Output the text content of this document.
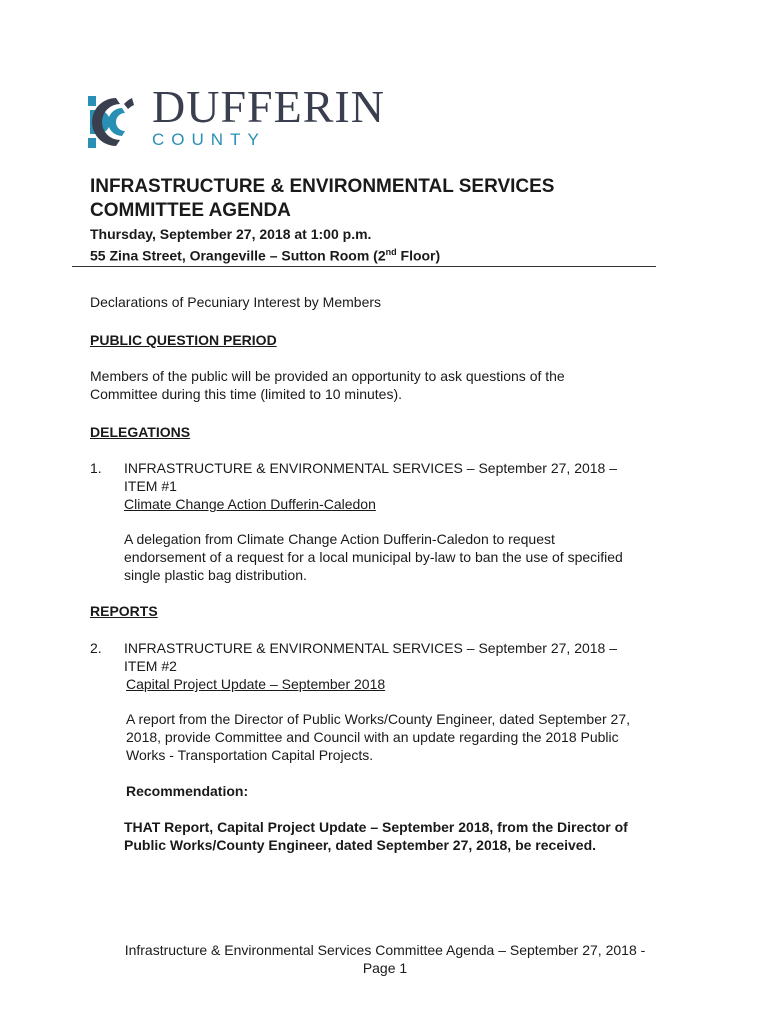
DUFFERIN
COUNTY
INFRASTRUCTURE & ENVIRONMENTAL SERVICES
COMMITTEE AGENDA
Thursday, September 27, 2018 at 1:00 p.m.
55 Zina Street, Orangeville – Sutton Room (2nd Floor)
Declarations of Pecuniary Interest by Members
PUBLIC QUESTION PERIOD
Members of the public will be provided an opportunity to ask questions of the
Committee during this time (limited to 10 minutes).
DELEGATIONS
1. INFRASTRUCTURE & ENVIRONMENTAL SERVICES – September 27, 2018 –
ITEM #1
Climate Change Action Dufferin-Caledon
A delegation from Climate Change Action Dufferin-Caledon to request
endorsement of a request for a local municipal by-law to ban the use of specified
single plastic bag distribution.
REPORTS
2. INFRASTRUCTURE & ENVIRONMENTAL SERVICES – September 27, 2018 –
ITEM #2
Capital Project Update – September 2018
A report from the Director of Public Works/County Engineer, dated September 27,
2018, provide Committee and Council with an update regarding the 2018 Public
Works - Transportation Capital Projects.
Recommendation:
THAT Report, Capital Project Update – September 2018, from the Director of
Public Works/County Engineer, dated September 27, 2018, be received.
Infrastructure & Environmental Services Committee Agenda – September 27, 2018 -
Page 1
